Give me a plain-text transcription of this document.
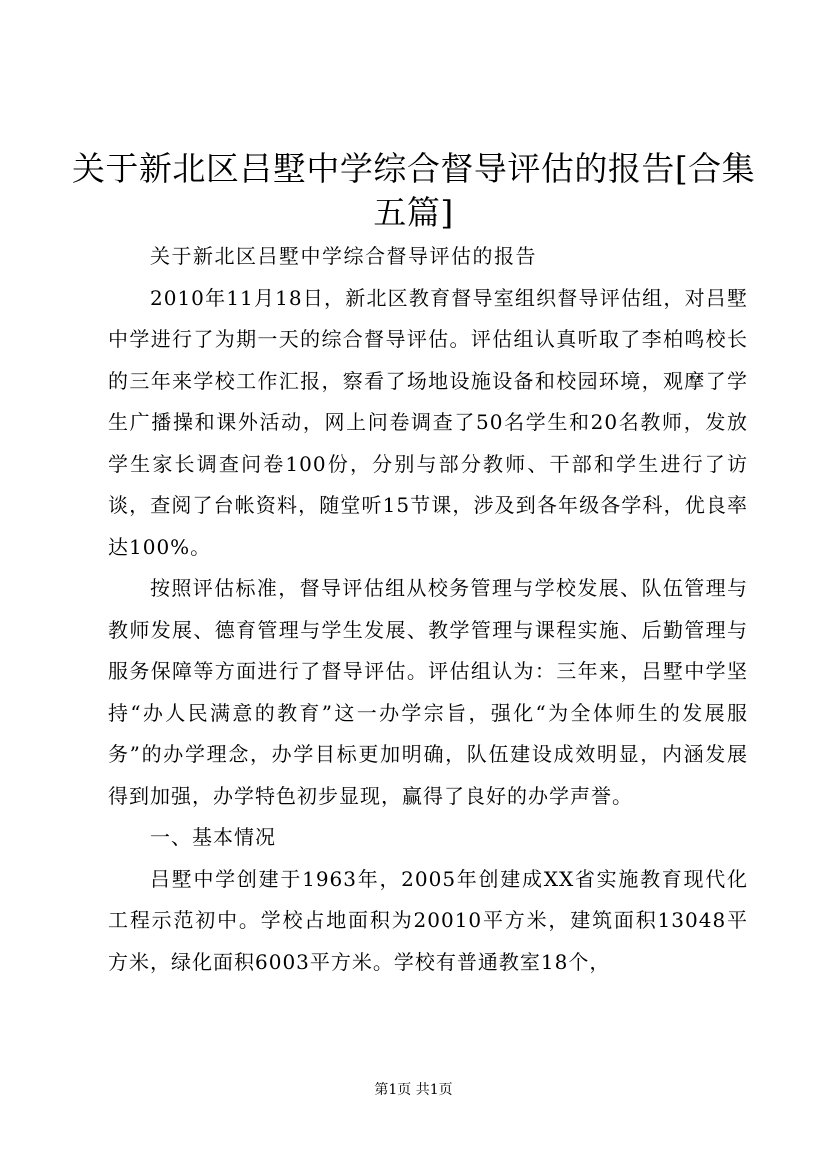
关于新北区吕墅中学综合督导评估的报告[合集五篇]

关于新北区吕墅中学综合督导评估的报告

2010年11月18日，新北区教育督导室组织督导评估组，对吕墅中学进行了为期一天的综合督导评估。评估组认真听取了李柏鸣校长的三年来学校工作汇报，察看了场地设施设备和校园环境，观摩了学生广播操和课外活动，网上问卷调查了50名学生和20名教师，发放学生家长调查问卷100份，分别与部分教师、干部和学生进行了访谈，查阅了台帐资料，随堂听15节课，涉及到各年级各学科，优良率达100%。

按照评估标准，督导评估组从校务管理与学校发展、队伍管理与教师发展、德育管理与学生发展、教学管理与课程实施、后勤管理与服务保障等方面进行了督导评估。评估组认为：三年来，吕墅中学坚持“办人民满意的教育”这一办学宗旨，强化“为全体师生的发展服务”的办学理念，办学目标更加明确，队伍建设成效明显，内涵发展得到加强，办学特色初步显现，赢得了良好的办学声誉。

一、基本情况

吕墅中学创建于1963年，2005年创建成XX省实施教育现代化工程示范初中。学校占地面积为20010平方米，建筑面积13048平方米，绿化面积6003平方米。学校有普通教室18个，

第1页 共1页
